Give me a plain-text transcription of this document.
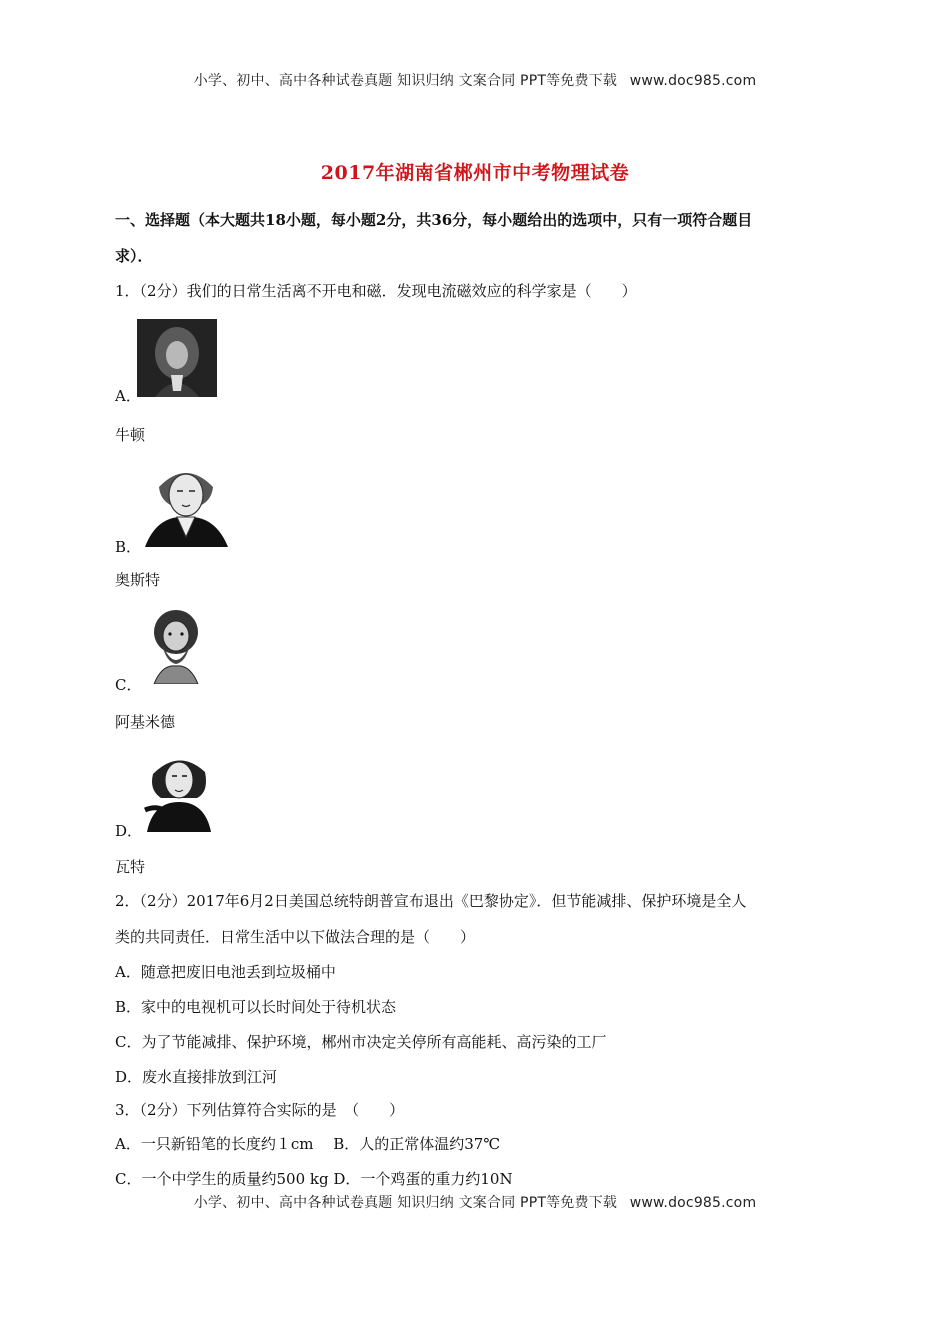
小学、初中、高中各种试卷真题 知识归纳 文案合同 PPT等免费下载 www.doc985.com
2017年湖南省郴州市中考物理试卷
一、选择题（本大题共18小题，每小题2分，共36分，每小题给出的选项中，只有一项符合题目
求）．
1．（2分）我们的日常生活离不开电和磁．发现电流磁效应的科学家是（　　）
A．
牛顿
B．
奥斯特
C．
阿基米德
D．
瓦特
2．（2分）2017年6月2日美国总统特朗普宣布退出《巴黎协定》．但节能减排、保护环境是全人
类的共同责任．日常生活中以下做法合理的是（　　）
A．随意把废旧电池丢到垃圾桶中
B．家中的电视机可以长时间处于待机状态
C．为了节能减排、保护环境，郴州市决定关停所有高能耗、高污染的工厂
D．废水直接排放到江河
3．（2分）下列估算符合实际的是　（　　）
A．一只新铅笔的长度约１cm　 B．人的正常体温约37℃
C．一个中学生的质量约500 kg D．一个鸡蛋的重力约10N
小学、初中、高中各种试卷真题 知识归纳 文案合同 PPT等免费下载 www.doc985.com
